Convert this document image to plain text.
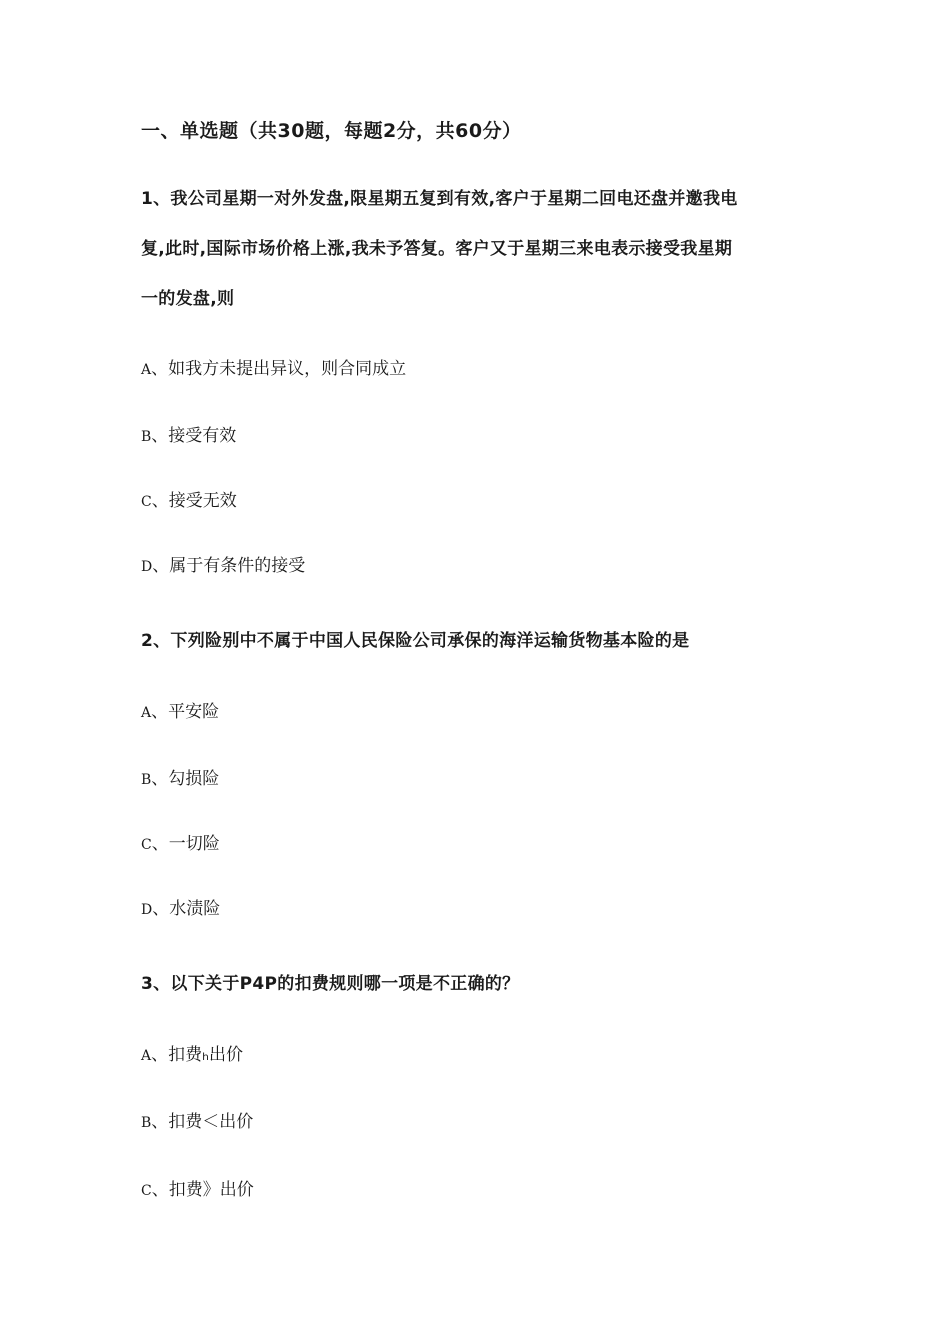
一、单选题（共30题，每题2分，共60分）
1、我公司星期一对外发盘,限星期五复到有效,客户于星期二回电还盘并邀我电
复,此时,国际市场价格上涨,我未予答复。客户又于星期三来电表示接受我星期
一的发盘,则
A、如我方未提出异议，则合同成立
B、接受有效
C、接受无效
D、属于有条件的接受
2、下列险别中不属于中国人民保险公司承保的海洋运输货物基本险的是
A、平安险
B、勾损险
C、一切险
D、水渍险
3、以下关于P4P的扣费规则哪一项是不正确的？
A、扣费ₕ出价
B、扣费＜出价
C、扣费》出价
